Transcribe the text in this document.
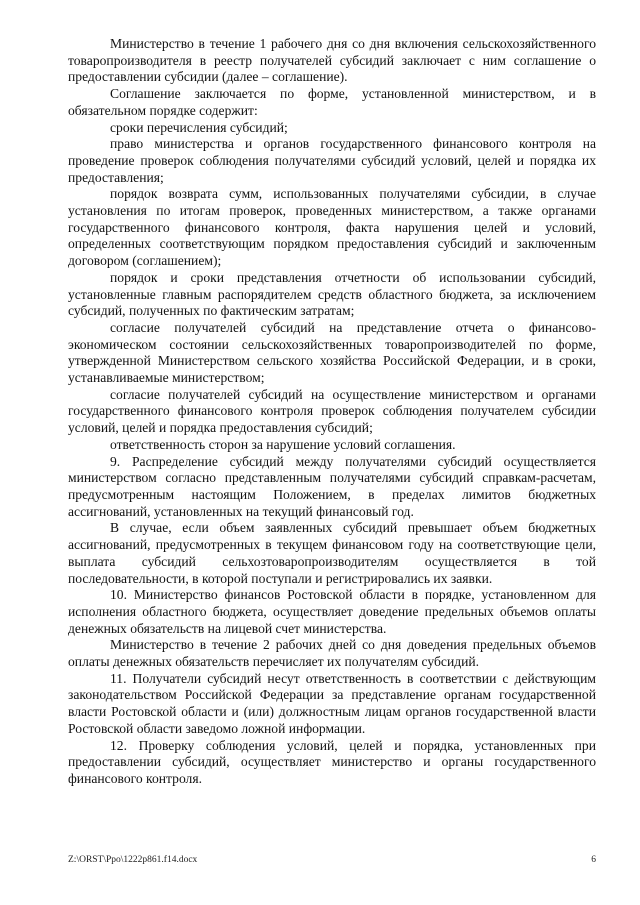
Министерство в течение 1 рабочего дня со дня включения сельскохозяйственного товаропроизводителя в реестр получателей субсидий заключает с ним соглашение о предоставлении субсидии (далее – соглашение).

Соглашение заключается по форме, установленной министерством, и в обязательном порядке содержит:

сроки перечисления субсидий;

право министерства и органов государственного финансового контроля на проведение проверок соблюдения получателями субсидий условий, целей и порядка их предоставления;

порядок возврата сумм, использованных получателями субсидии, в случае установления по итогам проверок, проведенных министерством, а также органами государственного финансового контроля, факта нарушения целей и условий, определенных соответствующим порядком предоставления субсидий и заключенным договором (соглашением);

порядок и сроки представления отчетности об использовании субсидий, установленные главным распорядителем средств областного бюджета, за исключением субсидий, полученных по фактическим затратам;

согласие получателей субсидий на представление отчета о финансово-экономическом состоянии сельскохозяйственных товаропроизводителей по форме, утвержденной Министерством сельского хозяйства Российской Федерации, и в сроки, устанавливаемые министерством;

согласие получателей субсидий на осуществление министерством и органами государственного финансового контроля проверок соблюдения получателем субсидии условий, целей и порядка предоставления субсидий;

ответственность сторон за нарушение условий соглашения.

9. Распределение субсидий между получателями субсидий осуществляется министерством согласно представленным получателями субсидий справкам-расчетам, предусмотренным настоящим Положением, в пределах лимитов бюджетных ассигнований, установленных на текущий финансовый год.

В случае, если объем заявленных субсидий превышает объем бюджетных ассигнований, предусмотренных в текущем финансовом году на соответствующие цели, выплата субсидий сельхозтоваропроизводителям осуществляется в той последовательности, в которой поступали и регистрировались их заявки.

10. Министерство финансов Ростовской области в порядке, установленном для исполнения областного бюджета, осуществляет доведение предельных объемов оплаты денежных обязательств на лицевой счет министерства.

Министерство в течение 2 рабочих дней со дня доведения предельных объемов оплаты денежных обязательств перечисляет их получателям субсидий.

11. Получатели субсидий несут ответственность в соответствии с действующим законодательством Российской Федерации за представление органам государственной власти Ростовской области и (или) должностным лицам органов государственной власти Ростовской области заведомо ложной информации.

12. Проверку соблюдения условий, целей и порядка, установленных при предоставлении субсидий, осуществляет министерство и органы государственного финансового контроля.

Z:\ORST\Ppo\1222p861.f14.docx	6
